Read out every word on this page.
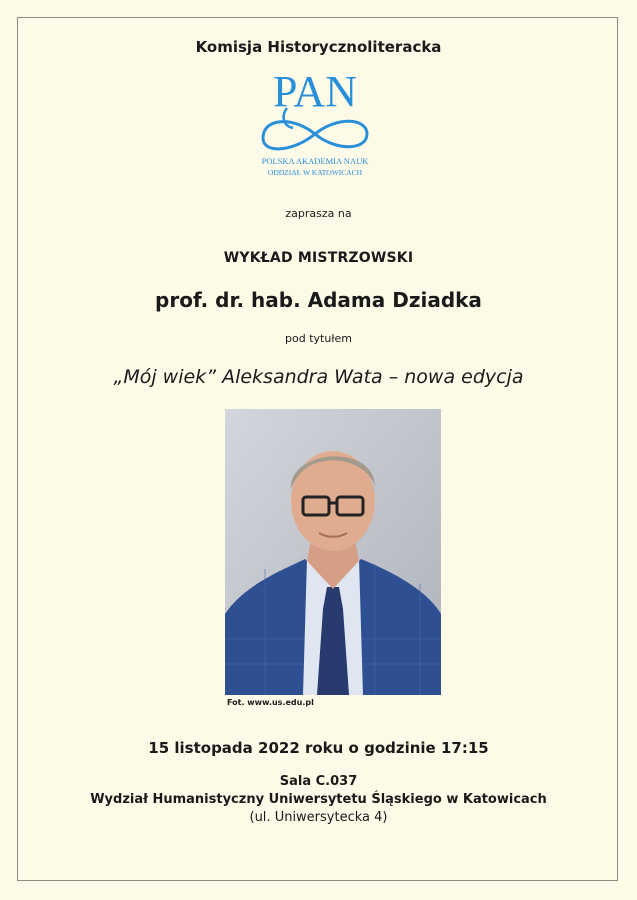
Komisja Historycznoliteracka
PAN
POLSKA AKADEMIA NAUK
ODDZIAŁ W KATOWICACH
zaprasza na
WYKŁAD MISTRZOWSKI
prof. dr. hab. Adama Dziadka
pod tytułem
„Mój wiek” Aleksandra Wata – nowa edycja
Fot. www.us.edu.pl
15 listopada 2022 roku o godzinie 17:15
Sala C.037
Wydział Humanistyczny Uniwersytetu Śląskiego w Katowicach
(ul. Uniwersytecka 4)
